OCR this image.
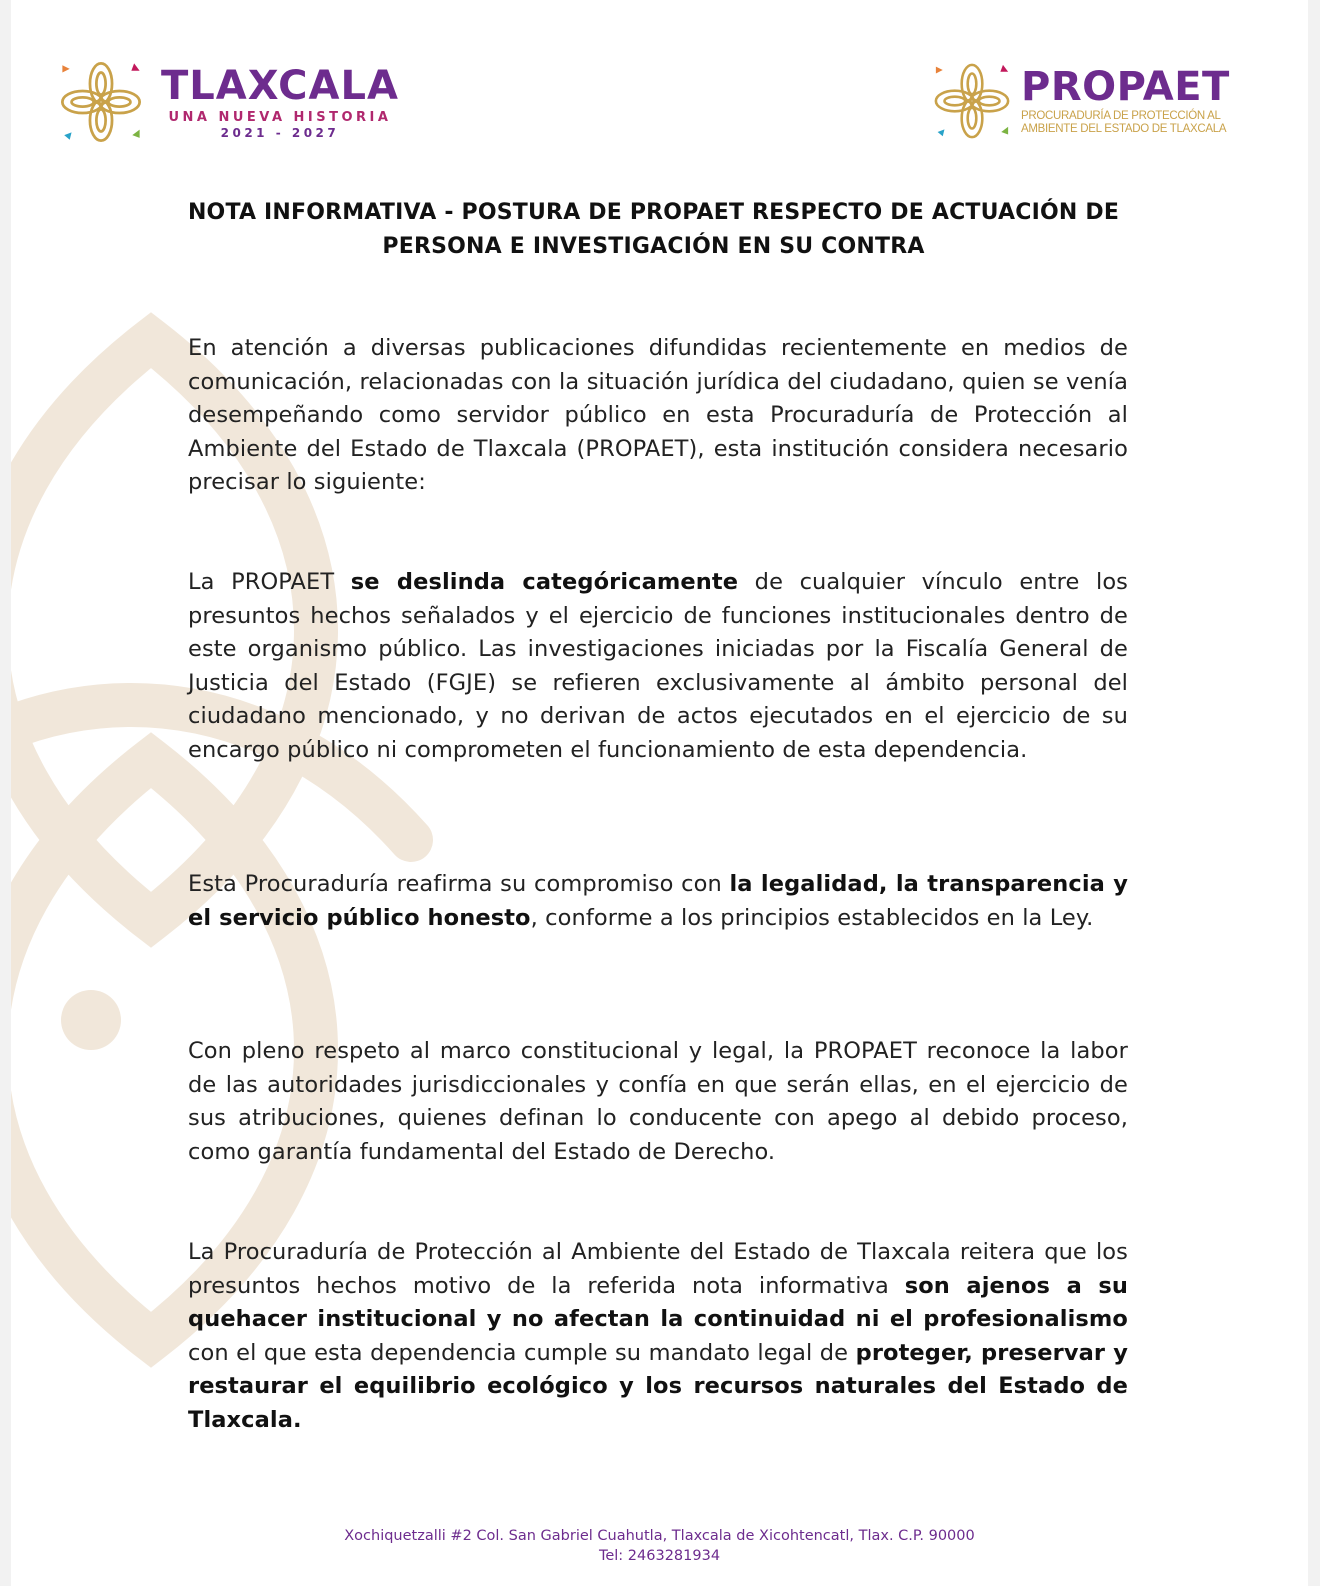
TLAXCALA
UNA NUEVA HISTORIA
2021 - 2027
PROPAET
PROCURADURÍA DE PROTECCIÓN AL
AMBIENTE DEL ESTADO DE TLAXCALA
NOTA INFORMATIVA - POSTURA DE PROPAET RESPECTO DE ACTUACIÓN DE
PERSONA E INVESTIGACIÓN EN SU CONTRA
En atención a diversas publicaciones difundidas recientemente en medios de comunicación, relacionadas con la situación jurídica del ciudadano, quien se venía desempeñando como servidor público en esta Procuraduría de Protección al Ambiente del Estado de Tlaxcala (PROPAET), esta institución considera necesario precisar lo siguiente:
La PROPAET se deslinda categóricamente de cualquier vínculo entre los presuntos hechos señalados y el ejercicio de funciones institucionales dentro de este organismo público. Las investigaciones iniciadas por la Fiscalía General de Justicia del Estado (FGJE) se refieren exclusivamente al ámbito personal del ciudadano mencionado, y no derivan de actos ejecutados en el ejercicio de su encargo público ni comprometen el funcionamiento de esta dependencia.
Esta Procuraduría reafirma su compromiso con la legalidad, la transparencia y el servicio público honesto, conforme a los principios establecidos en la Ley.
Con pleno respeto al marco constitucional y legal, la PROPAET reconoce la labor de las autoridades jurisdiccionales y confía en que serán ellas, en el ejercicio de sus atribuciones, quienes definan lo conducente con apego al debido proceso, como garantía fundamental del Estado de Derecho.
La Procuraduría de Protección al Ambiente del Estado de Tlaxcala reitera que los presuntos hechos motivo de la referida nota informativa son ajenos a su quehacer institucional y no afectan la continuidad ni el profesionalismo con el que esta dependencia cumple su mandato legal de proteger, preservar y restaurar el equilibrio ecológico y los recursos naturales del Estado de Tlaxcala.
Xochiquetzalli #2 Col. San Gabriel Cuahutla, Tlaxcala de Xicohtencatl, Tlax. C.P. 90000
Tel: 2463281934
